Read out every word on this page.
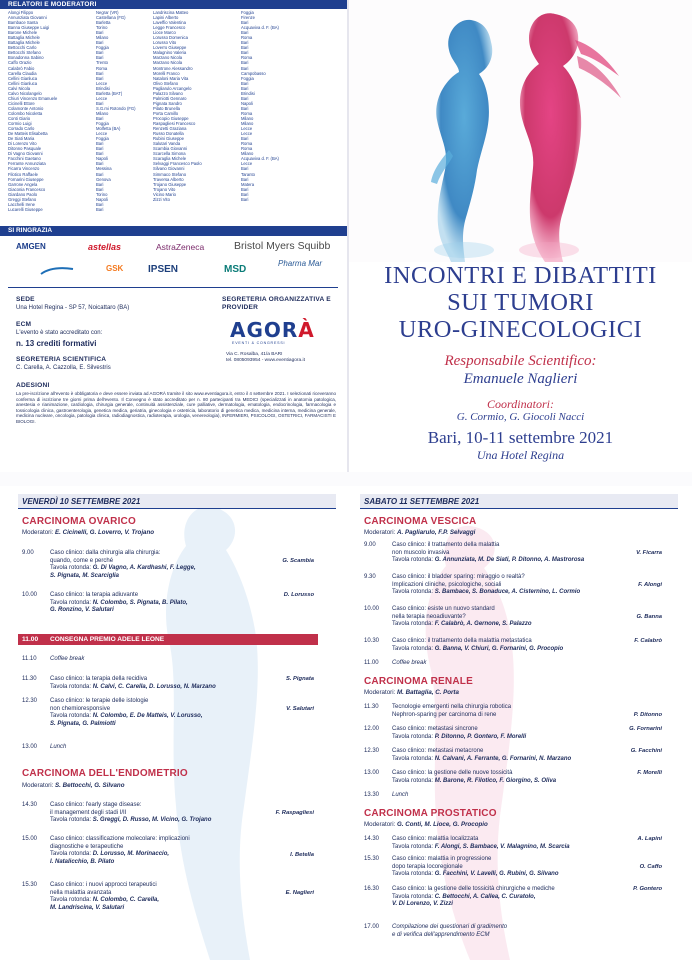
RELATORI E MODERATORI
Alongi Filippo	Negrar (VR)
Annunziata Giovanni	Castellana (FG)
Bambace Santa	Barletta
Banna Giuseppe Luigi	Torino
Barone Michele	Bari
Battaglia Michele	Milano
Battaglia Michele	Bari
Bettocchi Carlo	Foggia
Bettocchi Stefano	Bari
Bonadonna Sabino	Bari
Caffo Orazio	Trento
Calabrò Fabio	Roma
Carella Claudia	Bari
Cellini Gianluca	Bari
Cellini Gianluca	Lecce
Calvi Nicola	Brindisi
Calvo Nicolangelo	Barletta (BAT)
Chiuri Vincenzo Emanuele	Lecce
Cicinelli Ettore	Bari
Colamonte Antonio	S.G.mi Rotondo (FG)
Colombo Nicoletta	Milano
Conti Giario	Bari
Cormio Luigi	Foggia
Corrado Carlo	Molfetta (BA)
De Matteis Elisabetta	Lecce
De Siati Maria	Foggia
Di Lorenzo Vito	Bari
Ditonno Pasquale	Bari
Di Vagno Giovanni	Bari
Facchini Gaetano	Napoli
Ferrante Annunziata	Bari
Ficarra Vincenzo	Messina
Filotico Raffaele	Bari
Fornarini Giuseppe	Genova
Garrone Angela	Bari
Giaconia Francesco	Bari
Giardano Paolo	Torino
Greggi Stefano	Napoli
Lacchelli Irene	Bari
Lucarelli Giuseppe	Bari
Landriscina Matteo	Foggia
Lapini Alberto	Firenze
Laveffio Valentina	Bari
Legge Francesco	Acquaviva d. F. (BA)
Lioce Marco	Bari
Lorusso Domenica	Roma
Lorusso Vito	Bari
Loverro Giuseppe	Bari
Malagnino Valeria	Bari
Marzano Nicola	Roma
Marzano Nicola	Bari
Montrone Alessandro	Bari
Morelli Franco	Campobasso
Nataloni Maria Vita	Foggia
Olivo Stefano	Bari
Pagliarulo Arcangelo	Bari
Palazzo Silvano	Brindisi
Palmiotti Gennaro	Bari
Pignata Sandro	Napoli
Pilato Brunella	Bari
Porta Camillo	Roma
Procopio Giuseppe	Milano
Raspagliesi Francesco	Milano
Renzetti Graziana	Lecce
Russo Donatella	Lecce
Rubini Giuseppe	Bari
Salutari Vanda	Roma
Scambia Giovanni	Roma
Scarcella Simona	Milano
Scaraglia Michele	Acquaviva d. F. (BA)
Selvaggi Francesco Paolo	Lecce
Silvano Giovanni	Bari
Simmaco Stefano	Taranto
Traversa Alberto	Bari
Trojano Giuseppe	Matera
Trojano Vito	Bari
Vicino Mario	Bari
Zizzi Vito	Bari
SI RINGRAZIA
AMGEN	astellas	AstraZeneca	Bristol Myers Squibb
GSK IPSEN	MSD
Pharma Mar
SEDE
Una Hotel Regina - SP 57, Noicattaro (BA)
ECM
L'evento è stato accreditato con:
n. 13 crediti formativi
SEGRETERIA SCIENTIFICA
C. Carella, A. Cazzolla, E. Silvestris
ADESIONI
La pre-iscrizione all'evento è obbligatoria e deve essere inviata ad AGORÀ tramite il sito www.eventiagora.it, entro il 4 settembre 2021. I selezionati riceveranno conferma di iscrizione tre giorni prima dell'evento. Il Convegno è stato accreditato per n. 80 partecipanti tra MEDICI (specializzati in anatomia patologica, anestesia e rianimazione, cardiologia, chirurgia generale, continuità assistenziale, cure palliative, dermatologia, ematologia, endocrinologia, farmacologia e tossicologia clinica, gastroenterologia, genetica medica, geriatria, ginecologia e ostetricia, laboratorio di genetica medica, medicina interna, medicina generale, medicina nucleare, oncologia, patologia clinica, radiodiagnostica, radioterapia, urologia, venereologia), INFERMIERI, PSICOLOGI, OSTETRICI, FARMACISTI E BIOLOGI.
SEGRETERIA ORGANIZZATIVA E PROVIDER
AGORÀ
EVENTI & CONGRESSI
Via C. Rosalba, 41/a BARI
tel. 0805093954 - www.eventiagora.it
INCONTRI E DIBATTITI
SUI TUMORI
URO-GINECOLOGICI
Responsabile Scientifico:
Emanuele Naglieri
Coordinatori:
G. Cormio, G. Giocoli Nacci
Bari, 10-11 settembre 2021
Una Hotel Regina
VENERDÌ 10 SETTEMBRE 2021
CARCINOMA OVARICO
Moderatori: E. Cicinelli, G. Loverro, V. Trojano
9.00	Caso clinico: dalla chirurgia alla chirurgia:
quando, come e perché
Tavola rotonda: G. Di Vagno, A. Kardhashi, F. Legge,
S. Pignata, M. Scarciglia
G. Scambia
10.00	Caso clinico: la terapia adiuvante
Tavola rotonda: N. Colombo, S. Pignata, B. Pilato,
G. Ronzino, V. Salutari
D. Lorusso
11.00	CONSEGNA PREMIO ADELE LEONE
11.10	Coffee break
11.30	Caso clinico: la terapia della recidiva
Tavola rotonda: N. Calvi, C. Carella, D. Lorusso, N. Marzano
S. Pignata
12.30	Caso clinico: le terapie delle istologie
non chemioresponsive
Tavola rotonda: N. Colombo, E. De Matteis, V. Lorusso,
S. Pignata, G. Palmiotti
V. Salutari
13.00	Lunch
CARCINOMA DELL'ENDOMETRIO
Moderatori: S. Bettocchi, G. Silvano
14.30	Caso clinico: l'early stage disease:
il management degli stadi I/II
Tavola rotonda: S. Greggi, D. Russo, M. Vicino, G. Trojano
F. Raspagliesi
15.00	Caso clinico: classificazione molecolare: implicazioni
diagnostiche e terapeutiche
Tavola rotonda: D. Lorusso, M. Morinaccio,
I. Natalicchio, B. Pilato
I. Betella
15.30	Caso clinico: i nuovi approcci terapeutici
nella malattia avanzata
Tavola rotonda: N. Colombo, C. Carella,
M. Landriscina, V. Salutari
E. Naglieri
SABATO 11 SETTEMBRE 2021
CARCINOMA VESCICA
Moderatori: A. Pagliarulo, F.P. Selvaggi
9.00	Caso clinico: il trattamento della malattia
non muscolo invasiva
Tavola rotonda: G. Annunziata, M. De Siati, P. Ditonno, A. Mastrorosa
V. Ficarra
9.30	Caso clinico: il bladder sparing: miraggio o realtà?
Implicazioni cliniche, psicologiche, sociali
Tavola rotonda: S. Bambace, S. Bonaduce, A. Cisternino, L. Cormio
F. Alongi
10.00	Caso clinico: esiste un nuovo standard
nella terapia neoadiuvante?
Tavola rotonda: F. Calabrò, A. Gernone, S. Palazzo
G. Banna
10.30	Caso clinico: il trattamento della malattia metastatica
Tavola rotonda: G. Banna, V. Chiuri, G. Fornarini, G. Procopio
F. Calabrò
11.00	Coffee break
CARCINOMA RENALE
Moderatori: M. Battaglia, C. Porta
11.30	Tecnologie emergenti nella chirurgia robotica
Nephron-sparing per carcinoma di rene	P. Ditonno
12.00	Caso clinico: metastasi sincrone
Tavola rotonda: P. Ditonno, P. Gontero, F. Morelli
G. Fornarini
12.30	Caso clinico: metastasi metacrone
Tavola rotonda: N. Calvani, A. Ferrante, G. Fornarini, N. Marzano
G. Facchini
13.00	Caso clinico: la gestione delle nuove tossicità
Tavola rotonda: M. Barone, R. Filotico, F. Giorgino, S. Oliva
F. Morelli
13.30	Lunch
CARCINOMA PROSTATICO
Moderatori: G. Conti, M. Lioce, G. Procopio
14.30	Caso clinico: malattia localizzata
Tavola rotonda: F. Alongi, S. Bambace, V. Malagnino, M. Scarcia
A. Lapini
15.30	Caso clinico: malattia in progressione
dopo terapia locoregionale
Tavola rotonda: G. Facchini, V. Lavelli, G. Rubini, G. Silvano
O. Caffo
16.30	Caso clinico: la gestione delle tossicità chirurgiche e mediche
Tavola rotonda: C. Bettocchi, A. Callea, C. Curatolo,
V. Di Lorenzo, V. Zizzi
P. Gontero
17.00	Compilazione dei questionari di gradimento
e di verifica dell'apprendimento ECM
